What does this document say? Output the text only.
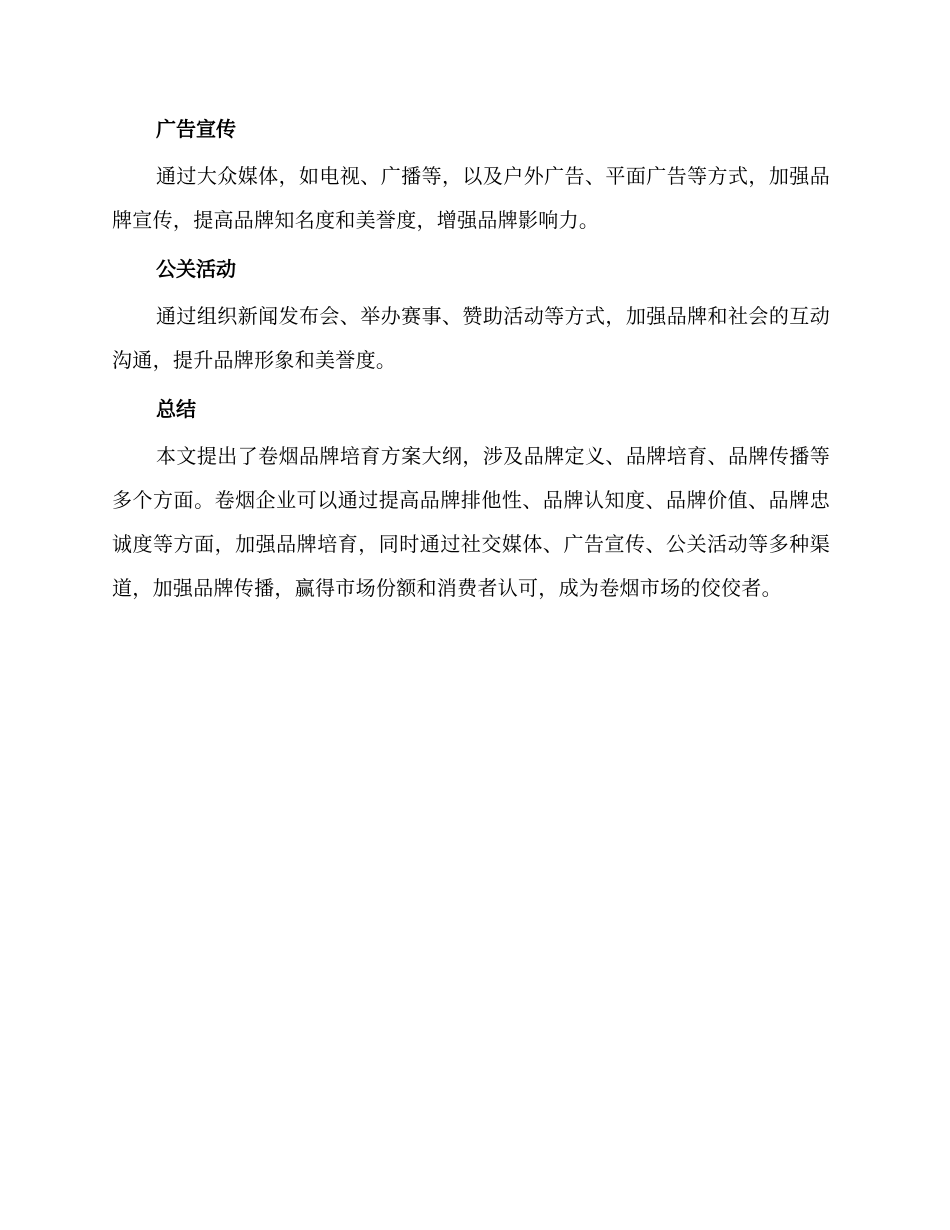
广告宣传
通过大众媒体，如电视、广播等，以及户外广告、平面广告等方式，加强品牌宣传，提高品牌知名度和美誉度，增强品牌影响力。
公关活动
通过组织新闻发布会、举办赛事、赞助活动等方式，加强品牌和社会的互动沟通，提升品牌形象和美誉度。
总结
本文提出了卷烟品牌培育方案大纲，涉及品牌定义、品牌培育、品牌传播等多个方面。卷烟企业可以通过提高品牌排他性、品牌认知度、品牌价值、品牌忠诚度等方面，加强品牌培育，同时通过社交媒体、广告宣传、公关活动等多种渠道，加强品牌传播，赢得市场份额和消费者认可，成为卷烟市场的佼佼者。
